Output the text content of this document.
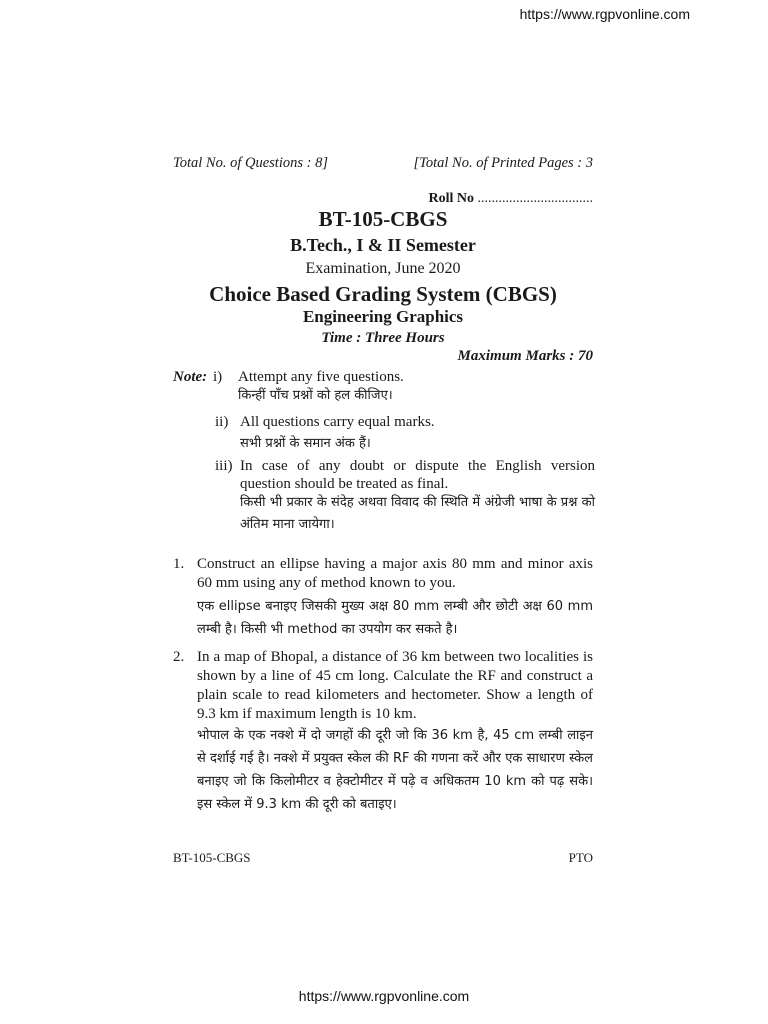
https://www.rgpvonline.com
Total No. of Questions : 8]	[Total No. of Printed Pages : 3
Roll No .................................
BT-105-CBGS
B.Tech., I & II Semester
Examination, June 2020
Choice Based Grading System (CBGS)
Engineering Graphics
Time : Three Hours
Maximum Marks : 70
Note: i) Attempt any five questions.
किन्हीं पाँच प्रश्नों को हल कीजिए।
ii) All questions carry equal marks.
सभी प्रश्नों के समान अंक हैं।
iii) In case of any doubt or dispute the English version question should be treated as final.
किसी भी प्रकार के संदेह अथवा विवाद की स्थिति में अंग्रेजी भाषा के प्रश्न को अंतिम माना जायेगा।
1. Construct an ellipse having a major axis 80 mm and minor axis 60 mm using any of method known to you.
एक ellipse बनाइए जिसकी मुख्य अक्ष 80 mm लम्बी और छोटी अक्ष 60 mm लम्बी है। किसी भी method का उपयोग कर सकते है।
2. In a map of Bhopal, a distance of 36 km between two localities is shown by a line of 45 cm long. Calculate the RF and construct a plain scale to read kilometers and hectometer. Show a length of 9.3 km if maximum length is 10 km.
भोपाल के एक नक्शे में दो जगहों की दूरी जो कि 36 km है, 45 cm लम्बी लाइन से दर्शाई गई है। नक्शे में प्रयुक्त स्केल की RF की गणना करें और एक साधारण स्केल बनाइए जो कि किलोमीटर व हेक्टोमीटर में पढ़े व अधिकतम 10 km को पढ़ सके। इस स्केल में 9.3 km की दूरी को बताइए।
BT-105-CBGS	PTO
https://www.rgpvonline.com
